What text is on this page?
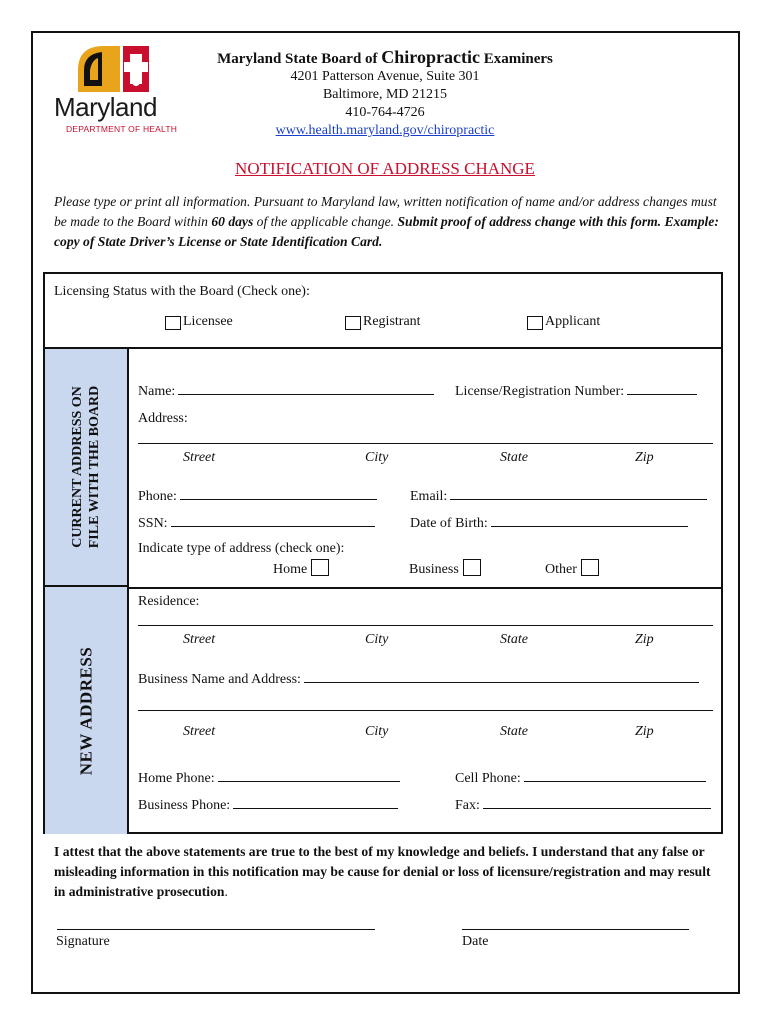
Maryland
DEPARTMENT OF HEALTH
Maryland State Board of Chiropractic Examiners
4201 Patterson Avenue, Suite 301
Baltimore, MD 21215
410-764-4726
www.health.maryland.gov/chiropractic
NOTIFICATION OF ADDRESS CHANGE
Please type or print all information. Pursuant to Maryland law, written notification of name and/or address changes must be made to the Board within 60 days of the applicable change. Submit proof of address change with this form. Example: copy of State Driver’s License or State Identification Card.
Licensing Status with the Board (Check one):
Licensee	Registrant	Applicant
CURRENT ADDRESS ON FILE WITH THE BOARD
NEW ADDRESS
Name:	License/Registration Number:
Address:
Street	City	State	Zip
Phone:	Email:
SSN:	Date of Birth:
Indicate type of address (check one):
Home	Business	Other
Residence:
Street	City	State	Zip
Business Name and Address:
Street	City	State	Zip
Home Phone:	Cell Phone:
Business Phone:	Fax:
I attest that the above statements are true to the best of my knowledge and beliefs. I understand that any false or misleading information in this notification may be cause for denial or loss of licensure/registration and may result in administrative prosecution.
Signature	Date
